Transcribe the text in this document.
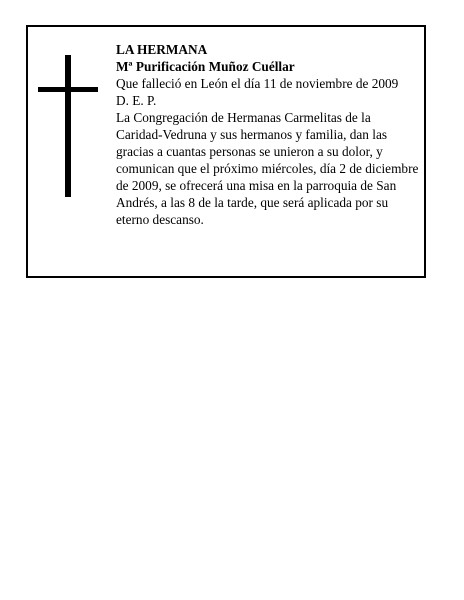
LA HERMANA
Mª Purificación Muñoz Cuéllar
Que falleció en León el día 11 de noviembre de 2009
D. E. P.
La Congregación de Hermanas Carmelitas de la Caridad-Vedruna y sus hermanos y familia, dan las gracias a cuantas personas se unieron a su dolor, y comunican que el próximo miércoles, día 2 de diciembre de 2009, se ofrecerá una misa en la parroquia de San Andrés, a las 8 de la tarde, que será aplicada por su eterno descanso.
